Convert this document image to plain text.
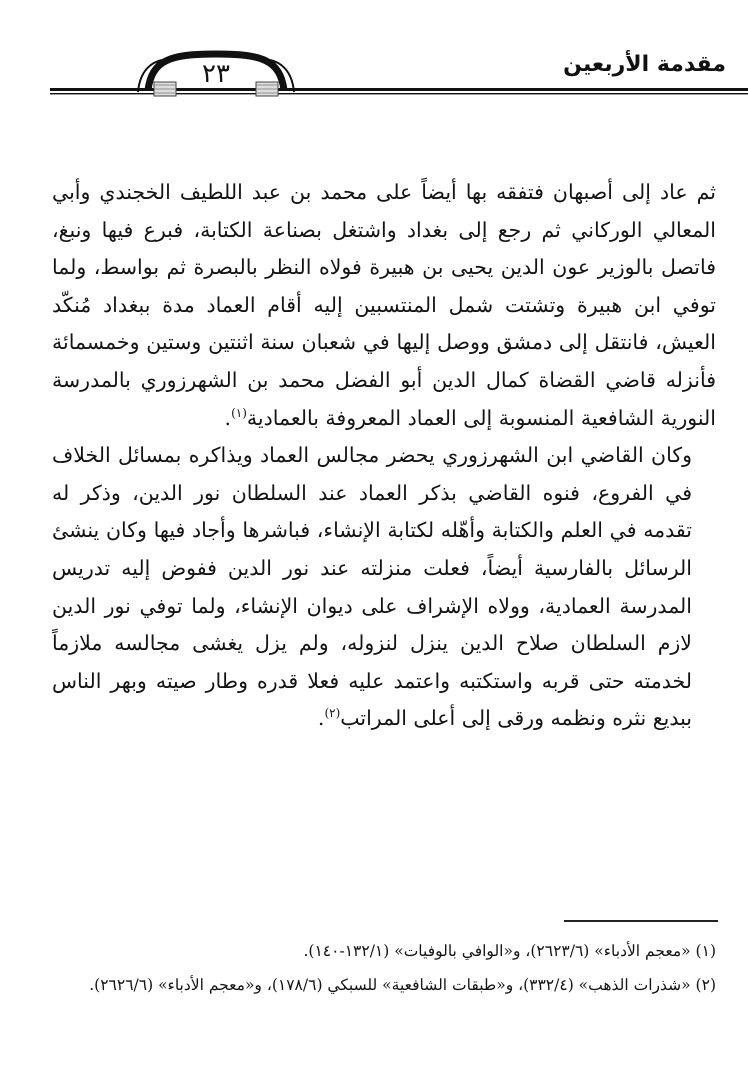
٢٣	مقدمة الأربعين

ثم عاد إلى أصبهان فتفقه بها أيضاً على محمد بن عبد اللطيف الخجندي وأبي المعالي الوركاني ثم رجع إلى بغداد واشتغل بصناعة الكتابة، فبرع فيها ونبغ، فاتصل بالوزير عون الدين يحيى بن هبيرة فولاه النظر بالبصرة ثم بواسط، ولما توفي ابن هبيرة وتشتت شمل المنتسبين إليه أقام العماد مدة ببغداد مُنكّد العيش، فانتقل إلى دمشق ووصل إليها في شعبان سنة اثنتين وستين وخمسمائة فأنزله قاضي القضاة كمال الدين أبو الفضل محمد بن الشهرزوري بالمدرسة النورية الشافعية المنسوبة إلى العماد المعروفة بالعمادية$^{(١)}$.

وكان القاضي ابن الشهرزوري يحضر مجالس العماد ويذاكره بمسائل الخلاف في الفروع، فنوه القاضي بذكر العماد عند السلطان نور الدين، وذكر له تقدمه في العلم والكتابة وأهّله لكتابة الإنشاء، فباشرها وأجاد فيها وكان ينشئ الرسائل بالفارسية أيضاً، فعلت منزلته عند نور الدين ففوض إليه تدريس المدرسة العمادية، وولاه الإشراف على ديوان الإنشاء، ولما توفي نور الدين لازم السلطان صلاح الدين ينزل لنزوله، ولم يزل يغشى مجالسه ملازماً لخدمته حتى قربه واستكتبه واعتمد عليه فعلا قدره وطار صيته وبهر الناس ببديع نثره ونظمه ورقى إلى أعلى المراتب$^{(٢)}$.

(١) «معجم الأدباء» (٢٦٢٣/٦)، و«الوافي بالوفيات» (١٣٢/١-١٤٠).
(٢) «شذرات الذهب» (٣٣٢/٤)، و«طبقات الشافعية» للسبكي (١٧٨/٦)، و«معجم الأدباء» (٢٦٢٦/٦).
